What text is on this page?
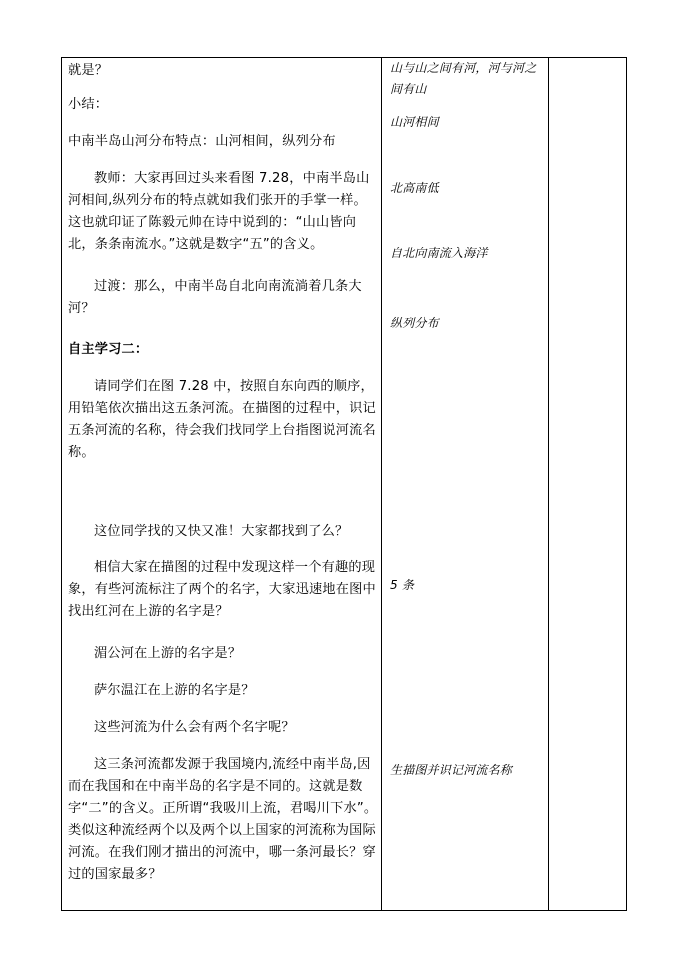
就是？

小结：

中南半岛山河分布特点：山河相间，纵列分布

教师：大家再回过头来看图 7.28，中南半岛山河相间,纵列分布的特点就如我们张开的手掌一样。这也就印证了陈毅元帅在诗中说到的：“山山皆向北，条条南流水。”这就是数字“五”的含义。

过渡：那么，中南半岛自北向南流淌着几条大河？

自主学习二：

请同学们在图 7.28 中，按照自东向西的顺序，用铅笔依次描出这五条河流。在描图的过程中，识记五条河流的名称，待会我们找同学上台指图说河流名称。

这位同学找的又快又准！大家都找到了么？

相信大家在描图的过程中发现这样一个有趣的现象，有些河流标注了两个的名字，大家迅速地在图中找出红河在上游的名字是？

湄公河在上游的名字是？

萨尔温江在上游的名字是？

这些河流为什么会有两个名字呢？

这三条河流都发源于我国境内,流经中南半岛,因而在我国和在中南半岛的名字是不同的。这就是数字“二”的含义。正所谓“我吸川上流，君喝川下水”。类似这种流经两个以及两个以上国家的河流称为国际河流。在我们刚才描出的河流中，哪一条河最长？穿过的国家最多？

山与山之间有河，河与河之间有山

山河相间

北高南低

自北向南流入海洋

纵列分布

5 条

生描图并识记河流名称
